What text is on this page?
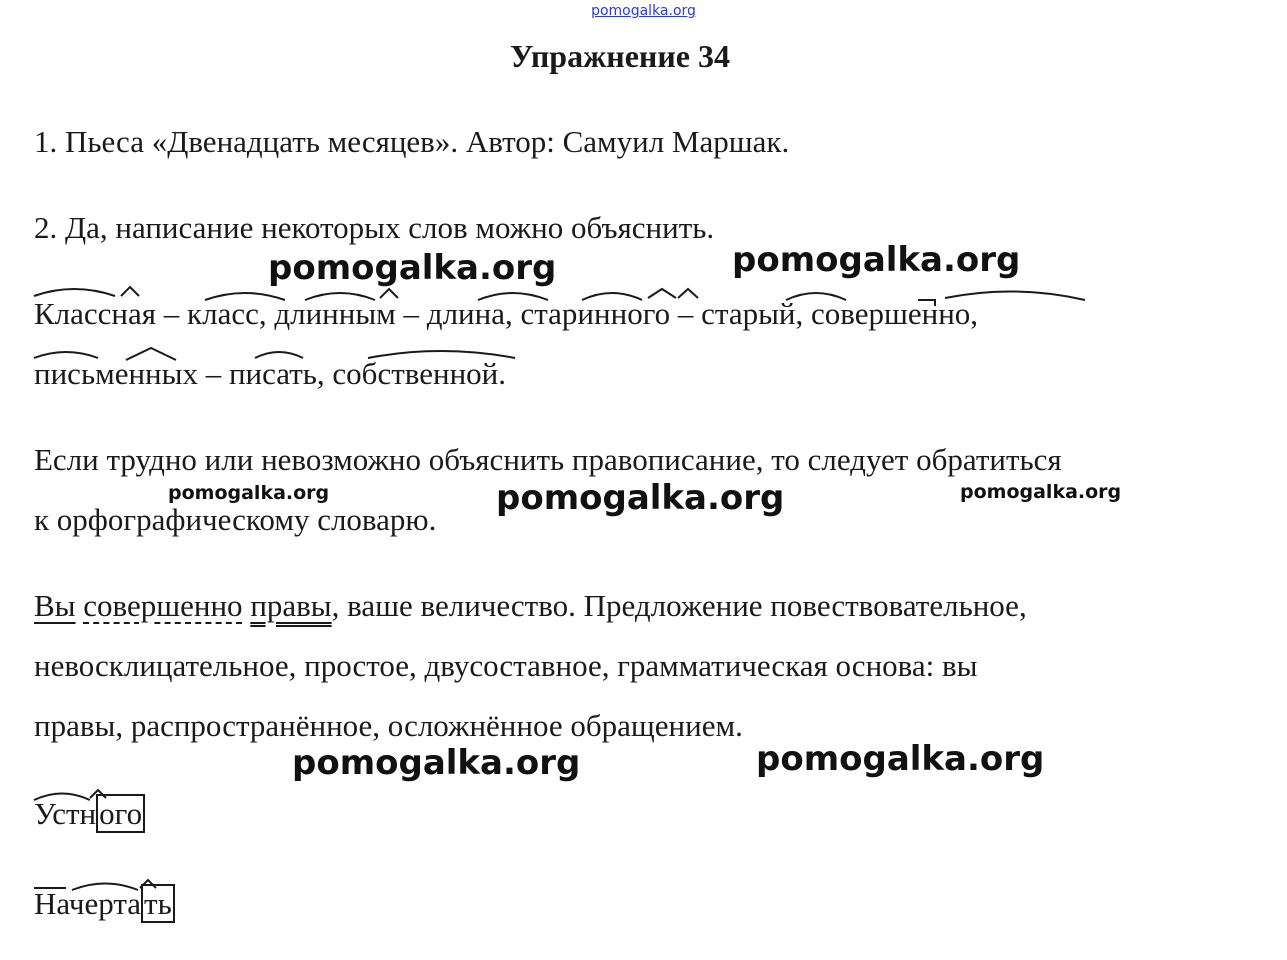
pomogalka.org
Упражнение 34

1. Пьеса «Двенадцать месяцев». Автор: Самуил Маршак.

2. Да, написание некоторых слов можно объяснить.

Классная – класс, длинным – длина, старинного – старый, совершенно,

письменных – писать, собственной.

Если трудно или невозможно объяснить правописание, то следует обратиться

к орфографическому словарю.

Вы совершенно правы, ваше величество. Предложение повествовательное,

невосклицательное, простое, двусоставное, грамматическая основа: вы

правы, распространённое, осложнённое обращением.

Устного

Начертать

pomogalka.org	pomogalka.org
pomogalka.org	pomogalka.org	pomogalka.org
pomogalka.org	pomogalka.org
